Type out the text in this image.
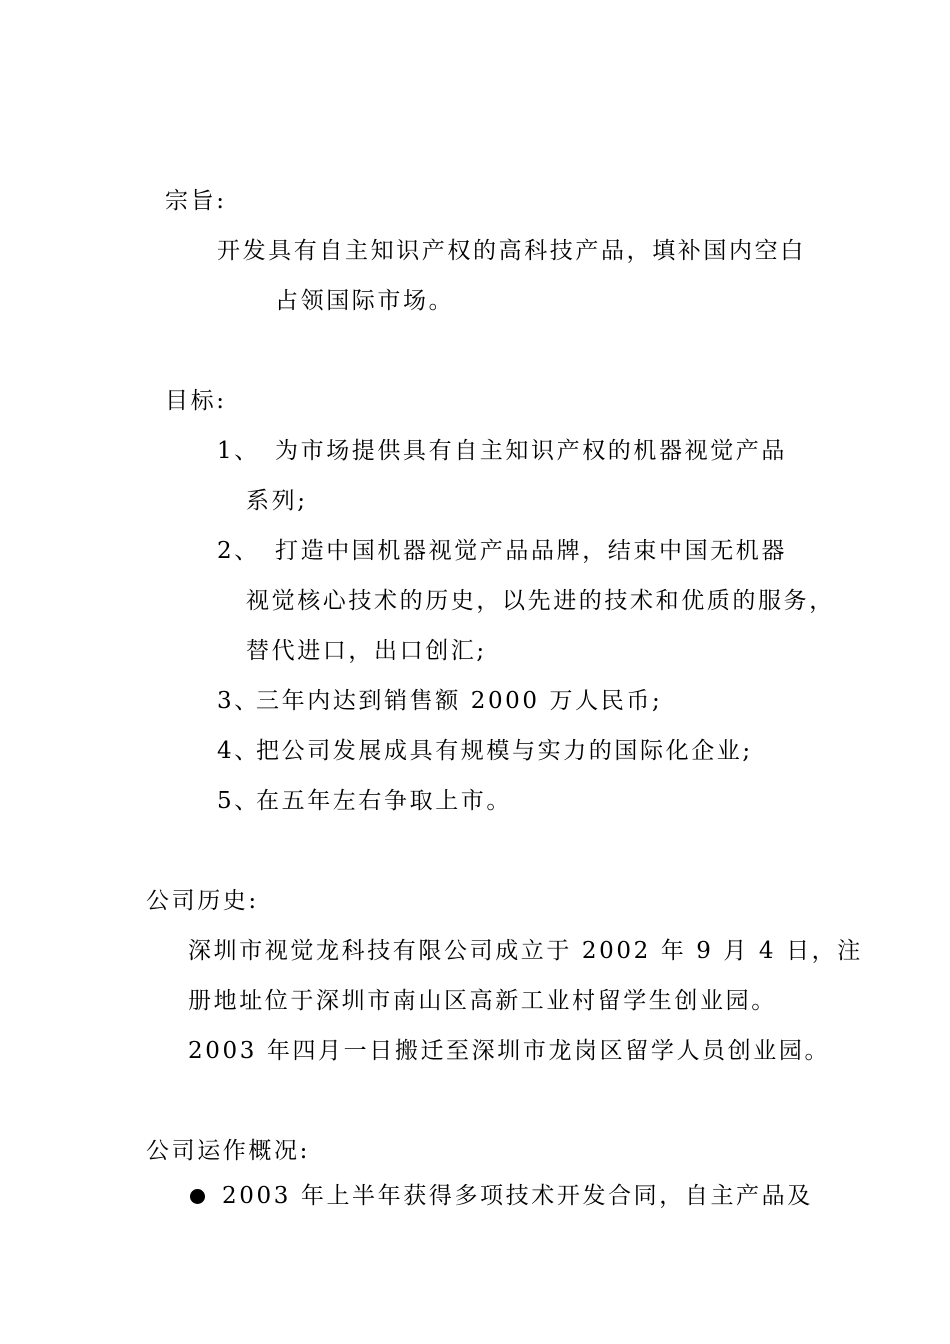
宗旨:
开发具有自主知识产权的高科技产品，填补国内空白
占领国际市场。
目标:
1、 为市场提供具有自主知识产权的机器视觉产品
系列;
2、 打造中国机器视觉产品品牌，结束中国无机器
视觉核心技术的历史，以先进的技术和优质的服务，
替代进口，出口创汇;
3、
三年内达到销售额 2000 万人民币;
4、
把公司发展成具有规模与实力的国际化企业;
5、
在五年左右争取上市。
公司历史:
深圳市视觉龙科技有限公司成立于 2002 年 9 月 4 日，注
册地址位于深圳市南山区高新工业村留学生创业园。
2003 年四月一日搬迁至深圳市龙岗区留学人员创业园。
公司运作概况:
2003 年上半年获得多项技术开发合同，自主产品及
